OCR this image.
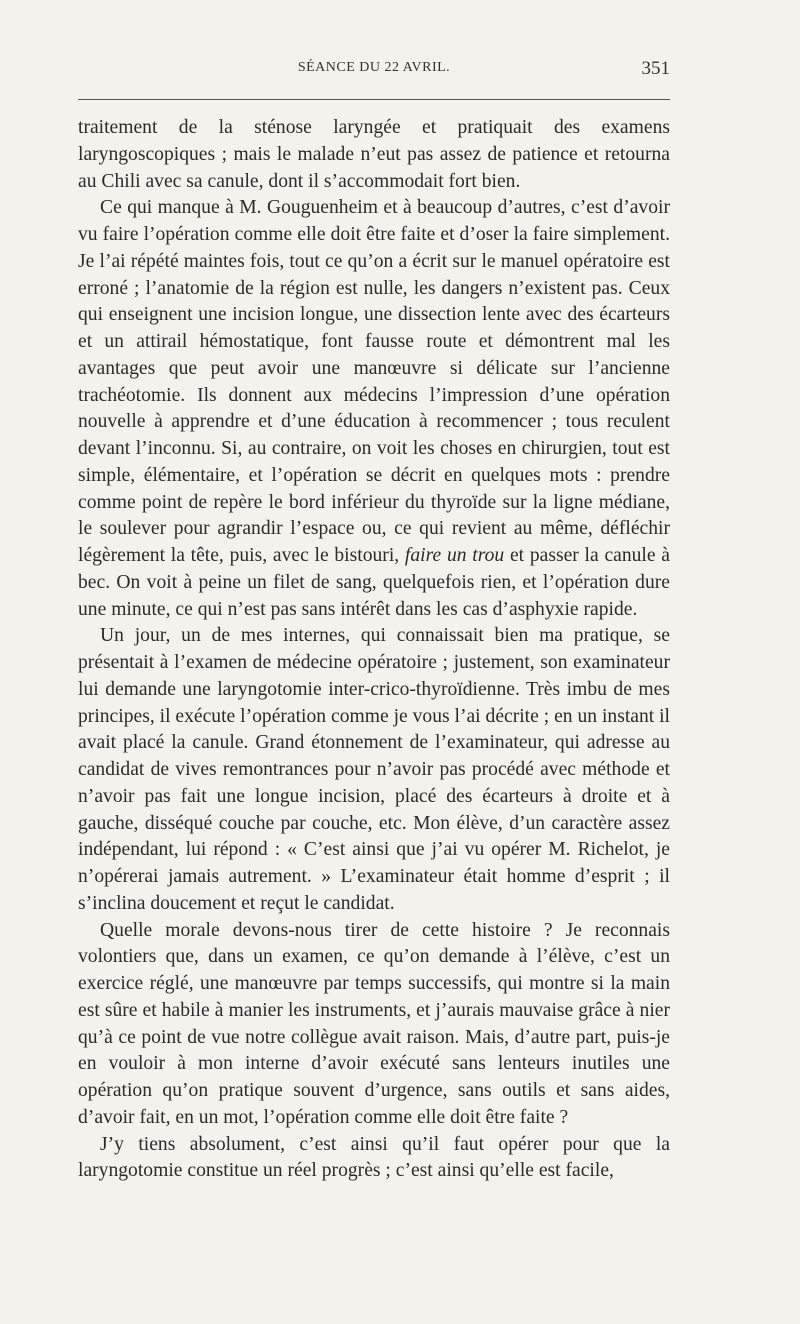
SÉANCE DU 22 AVRIL.	351

traitement de la sténose laryngée et pratiquait des examens laryngoscopiques ; mais le malade n’eut pas assez de patience et retourna au Chili avec sa canule, dont il s’accommodait fort bien.

Ce qui manque à M. Gouguenheim et à beaucoup d’autres, c’est d’avoir vu faire l’opération comme elle doit être faite et d’oser la faire simplement. Je l’ai répété maintes fois, tout ce qu’on a écrit sur le manuel opératoire est erroné ; l’anatomie de la région est nulle, les dangers n’existent pas. Ceux qui enseignent une incision longue, une dissection lente avec des écarteurs et un attirail hémostatique, font fausse route et démontrent mal les avantages que peut avoir une manœuvre si délicate sur l’ancienne trachéotomie. Ils donnent aux médecins l’impression d’une opération nouvelle à apprendre et d’une éducation à recommencer ; tous reculent devant l’inconnu. Si, au contraire, on voit les choses en chirurgien, tout est simple, élémentaire, et l’opération se décrit en quelques mots : prendre comme point de repère le bord inférieur du thyroïde sur la ligne médiane, le soulever pour agrandir l’espace ou, ce qui revient au même, défléchir légèrement la tête, puis, avec le bistouri, faire un trou et passer la canule à bec. On voit à peine un filet de sang, quelquefois rien, et l’opération dure une minute, ce qui n’est pas sans intérêt dans les cas d’asphyxie rapide.

Un jour, un de mes internes, qui connaissait bien ma pratique, se présentait à l’examen de médecine opératoire ; justement, son examinateur lui demande une laryngotomie inter-crico-thyroïdienne. Très imbu de mes principes, il exécute l’opération comme je vous l’ai décrite ; en un instant il avait placé la canule. Grand étonnement de l’examinateur, qui adresse au candidat de vives remontrances pour n’avoir pas procédé avec méthode et n’avoir pas fait une longue incision, placé des écarteurs à droite et à gauche, disséqué couche par couche, etc. Mon élève, d’un caractère assez indépendant, lui répond : « C’est ainsi que j’ai vu opérer M. Richelot, je n’opérerai jamais autrement. » L’examinateur était homme d’esprit ; il s’inclina doucement et reçut le candidat.

Quelle morale devons-nous tirer de cette histoire ? Je reconnais volontiers que, dans un examen, ce qu’on demande à l’élève, c’est un exercice réglé, une manœuvre par temps successifs, qui montre si la main est sûre et habile à manier les instruments, et j’aurais mauvaise grâce à nier qu’à ce point de vue notre collègue avait raison. Mais, d’autre part, puis-je en vouloir à mon interne d’avoir exécuté sans lenteurs inutiles une opération qu’on pratique souvent d’urgence, sans outils et sans aides, d’avoir fait, en un mot, l’opération comme elle doit être faite ?

J’y tiens absolument, c’est ainsi qu’il faut opérer pour que la laryngotomie constitue un réel progrès ; c’est ainsi qu’elle est facile,
